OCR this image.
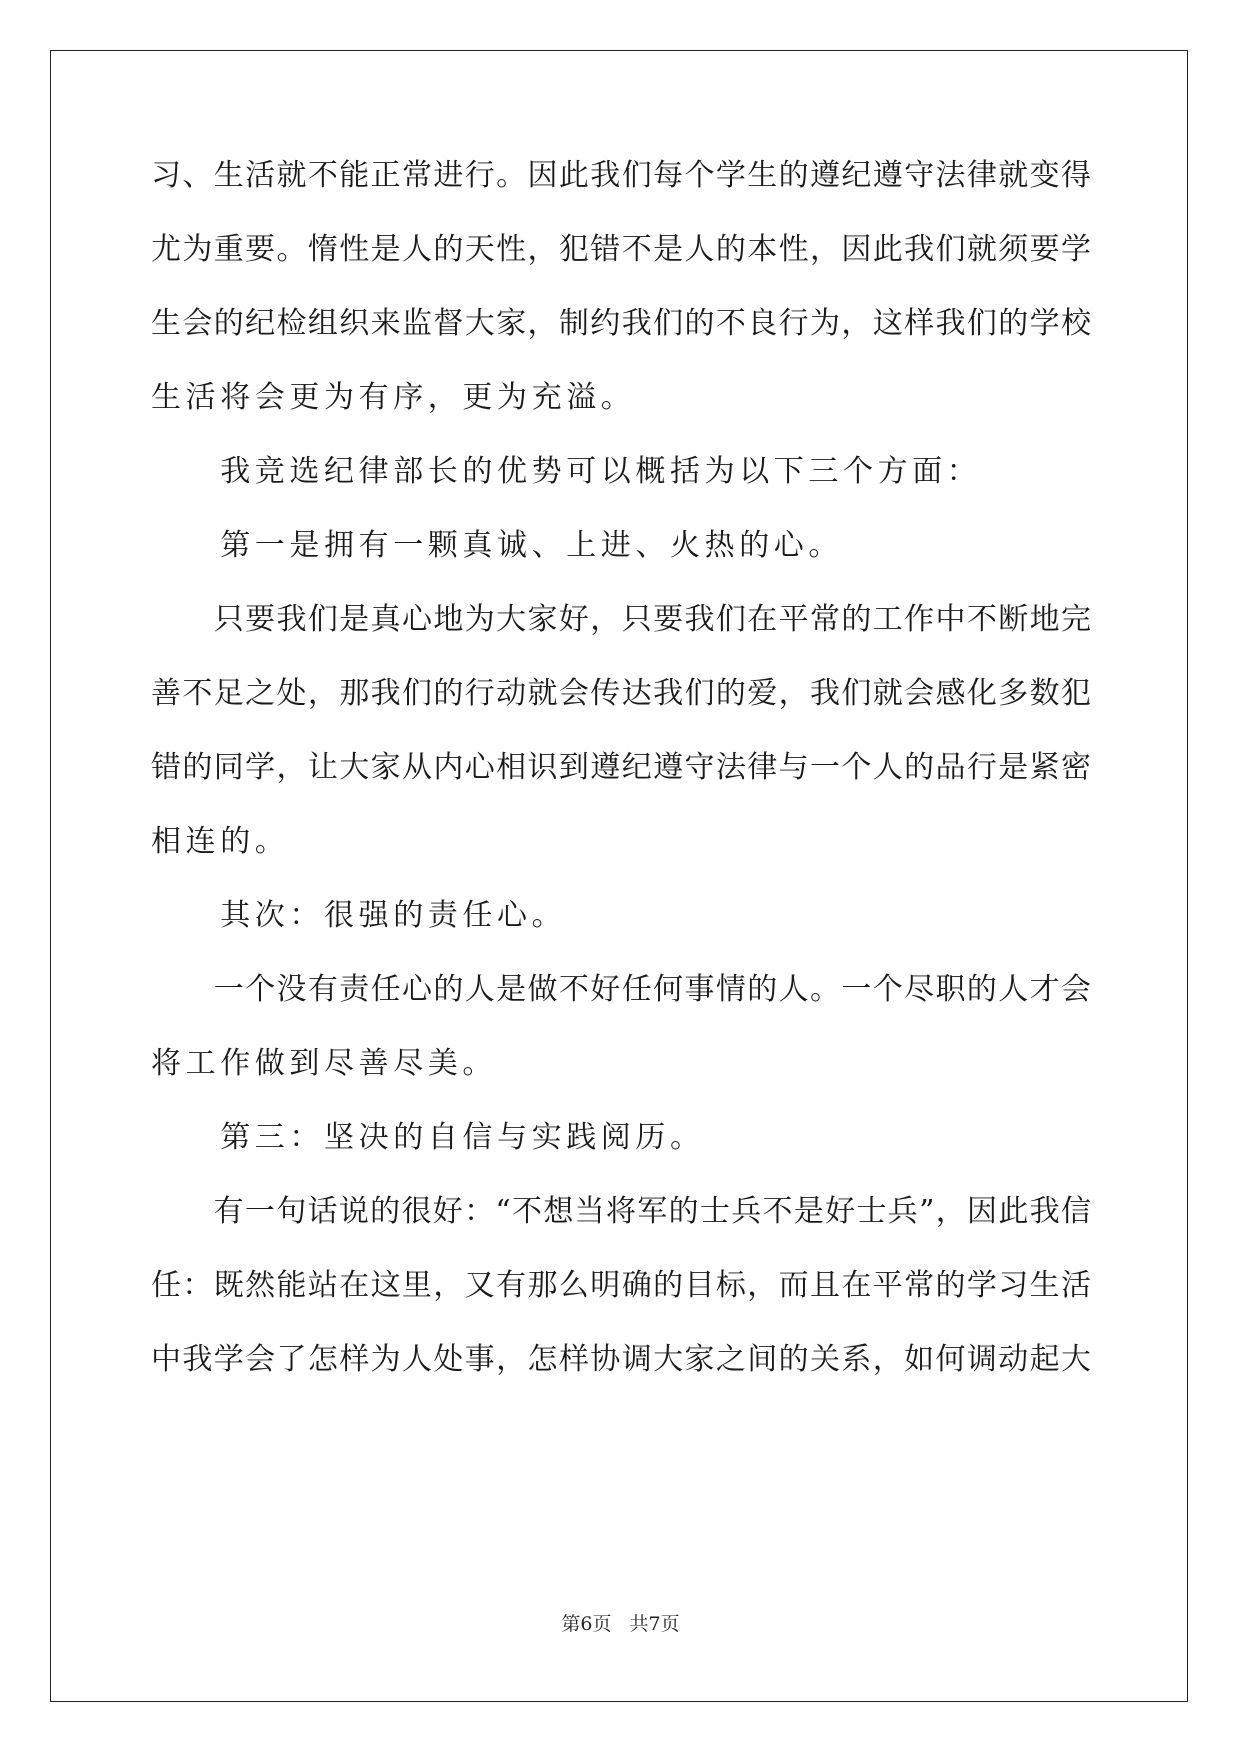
习、生活就不能正常进行。因此我们每个学生的遵纪遵守法律就变得
尤为重要。惰性是人的天性，犯错不是人的本性，因此我们就须要学
生会的纪检组织来监督大家，制约我们的不良行为，这样我们的学校
生活将会更为有序，更为充溢。
　　我竞选纪律部长的优势可以概括为以下三个方面：
　　第一是拥有一颗真诚、上进、火热的心。
　　只要我们是真心地为大家好，只要我们在平常的工作中不断地完
善不足之处，那我们的行动就会传达我们的爱，我们就会感化多数犯
错的同学，让大家从内心相识到遵纪遵守法律与一个人的品行是紧密
相连的。
　　其次：很强的责任心。
　　一个没有责任心的人是做不好任何事情的人。一个尽职的人才会
将工作做到尽善尽美。
　　第三：坚决的自信与实践阅历。
　　有一句话说的很好：“不想当将军的士兵不是好士兵”，因此我信
任：既然能站在这里，又有那么明确的目标，而且在平常的学习生活
中我学会了怎样为人处事，怎样协调大家之间的关系，如何调动起大
第6页 共7页
